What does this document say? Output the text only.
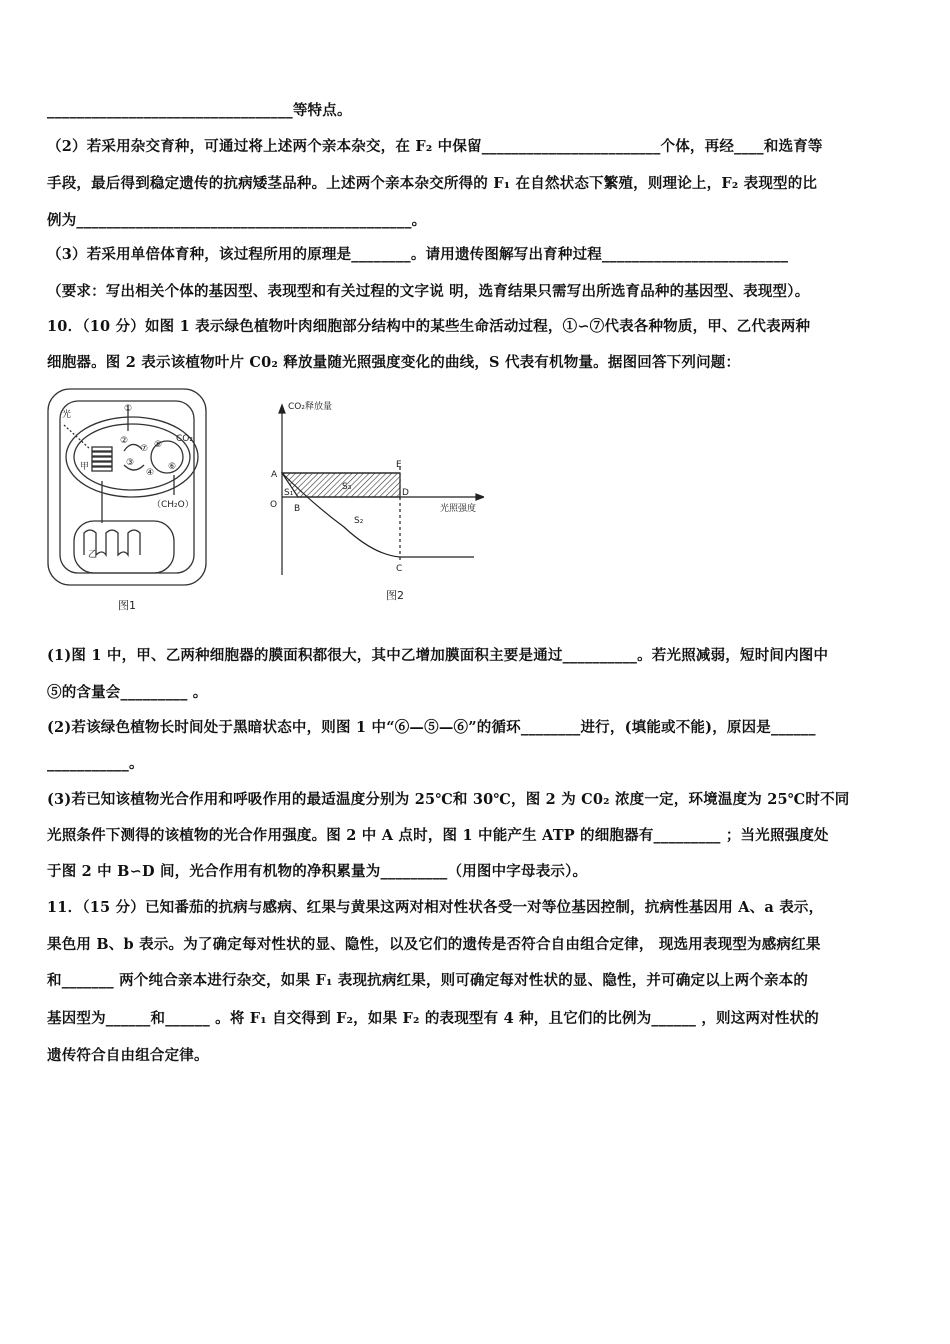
_________________________________等特点。
（2）若采用杂交育种，可通过将上述两个亲本杂交，在 F₂ 中保留________________________个体，再经____和选育等
手段，最后得到稳定遗传的抗病矮茎品种。上述两个亲本杂交所得的 F₁ 在自然状态下繁殖，则理论上，F₂ 表现型的比
例为_____________________________________________。
（3）若采用单倍体育种，该过程所用的原理是________。请用遗传图解写出育种过程_________________________
（要求：写出相关个体的基因型、表现型和有关过程的文字说 明，选育结果只需写出所选育品种的基因型、表现型）。
10．（10 分）如图 1 表示绿色植物叶肉细胞部分结构中的某些生命活动过程，①∽⑦代表各种物质，甲、乙代表两种
细胞器。图 2 表示该植物叶片 C0₂ 释放量随光照强度变化的曲线，S 代表有机物量。据图回答下列问题：
光
①
甲
②
③
⑦ ⑤
⑥
④
CO₂
（CH₂O）
乙
图1
CO₂释放量
光照强度
A
O B
C
D
E
S₁
S₃
S₂
图2
(1)图 1 中，甲、乙两种细胞器的膜面积都很大，其中乙增加膜面积主要是通过__________。若光照减弱，短时间内图中
⑤的含量会_________ 。
(2)若该绿色植物长时间处于黑暗状态中，则图 1 中“⑥—⑤—⑥”的循环________进行，(填能或不能)，原因是______
___________。
(3)若已知该植物光合作用和呼吸作用的最适温度分别为 25℃和 30℃，图 2 为 C0₂ 浓度一定，环境温度为 25℃时不同
光照条件下测得的该植物的光合作用强度。图 2 中 A 点时，图 1 中能产生 ATP 的细胞器有_________ ；当光照强度处
于图 2 中 B∽D 间，光合作用有机物的净积累量为_________（用图中字母表示）。
11．（15 分）已知番茄的抗病与感病、红果与黄果这两对相对性状各受一对等位基因控制，抗病性基因用 A、a 表示，
果色用 B、b 表示。为了确定每对性状的显、隐性，以及它们的遗传是否符合自由组合定律， 现选用表现型为感病红果
和_______ 两个纯合亲本进行杂交，如果 F₁ 表现抗病红果，则可确定每对性状的显、隐性，并可确定以上两个亲本的
基因型为______和______ 。将 F₁ 自交得到 F₂，如果 F₂ 的表现型有 4 种，且它们的比例为______ ，则这两对性状的
遗传符合自由组合定律。
